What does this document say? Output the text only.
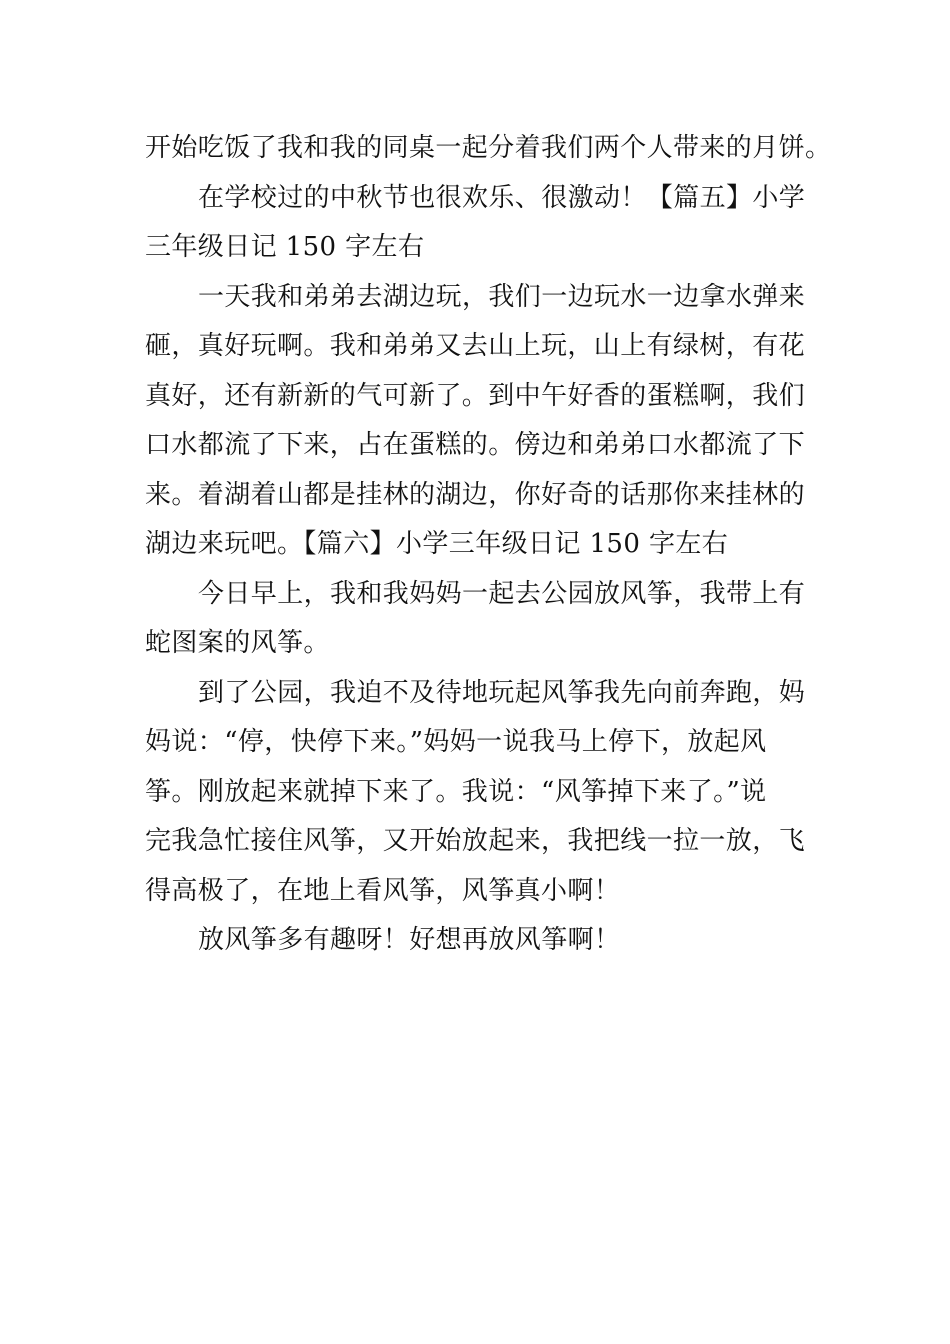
开始吃饭了我和我的同桌一起分着我们两个人带来的月饼。
在学校过的中秋节也很欢乐、很激动！【篇五】小学
三年级日记 150 字左右
一天我和弟弟去湖边玩，我们一边玩水一边拿水弹来
砸，真好玩啊。我和弟弟又去山上玩，山上有绿树，有花
真好，还有新新的气可新了。到中午好香的蛋糕啊，我们
口水都流了下来，占在蛋糕的。傍边和弟弟口水都流了下
来。着湖着山都是挂林的湖边，你好奇的话那你来挂林的
湖边来玩吧。【篇六】小学三年级日记 150 字左右
今日早上，我和我妈妈一起去公园放风筝，我带上有
蛇图案的风筝。
到了公园，我迫不及待地玩起风筝我先向前奔跑，妈
妈说：“停，快停下来。”妈妈一说我马上停下，放起风
筝。刚放起来就掉下来了。我说：“风筝掉下来了。”说
完我急忙接住风筝，又开始放起来，我把线一拉一放，飞
得高极了，在地上看风筝，风筝真小啊！
放风筝多有趣呀！好想再放风筝啊！
